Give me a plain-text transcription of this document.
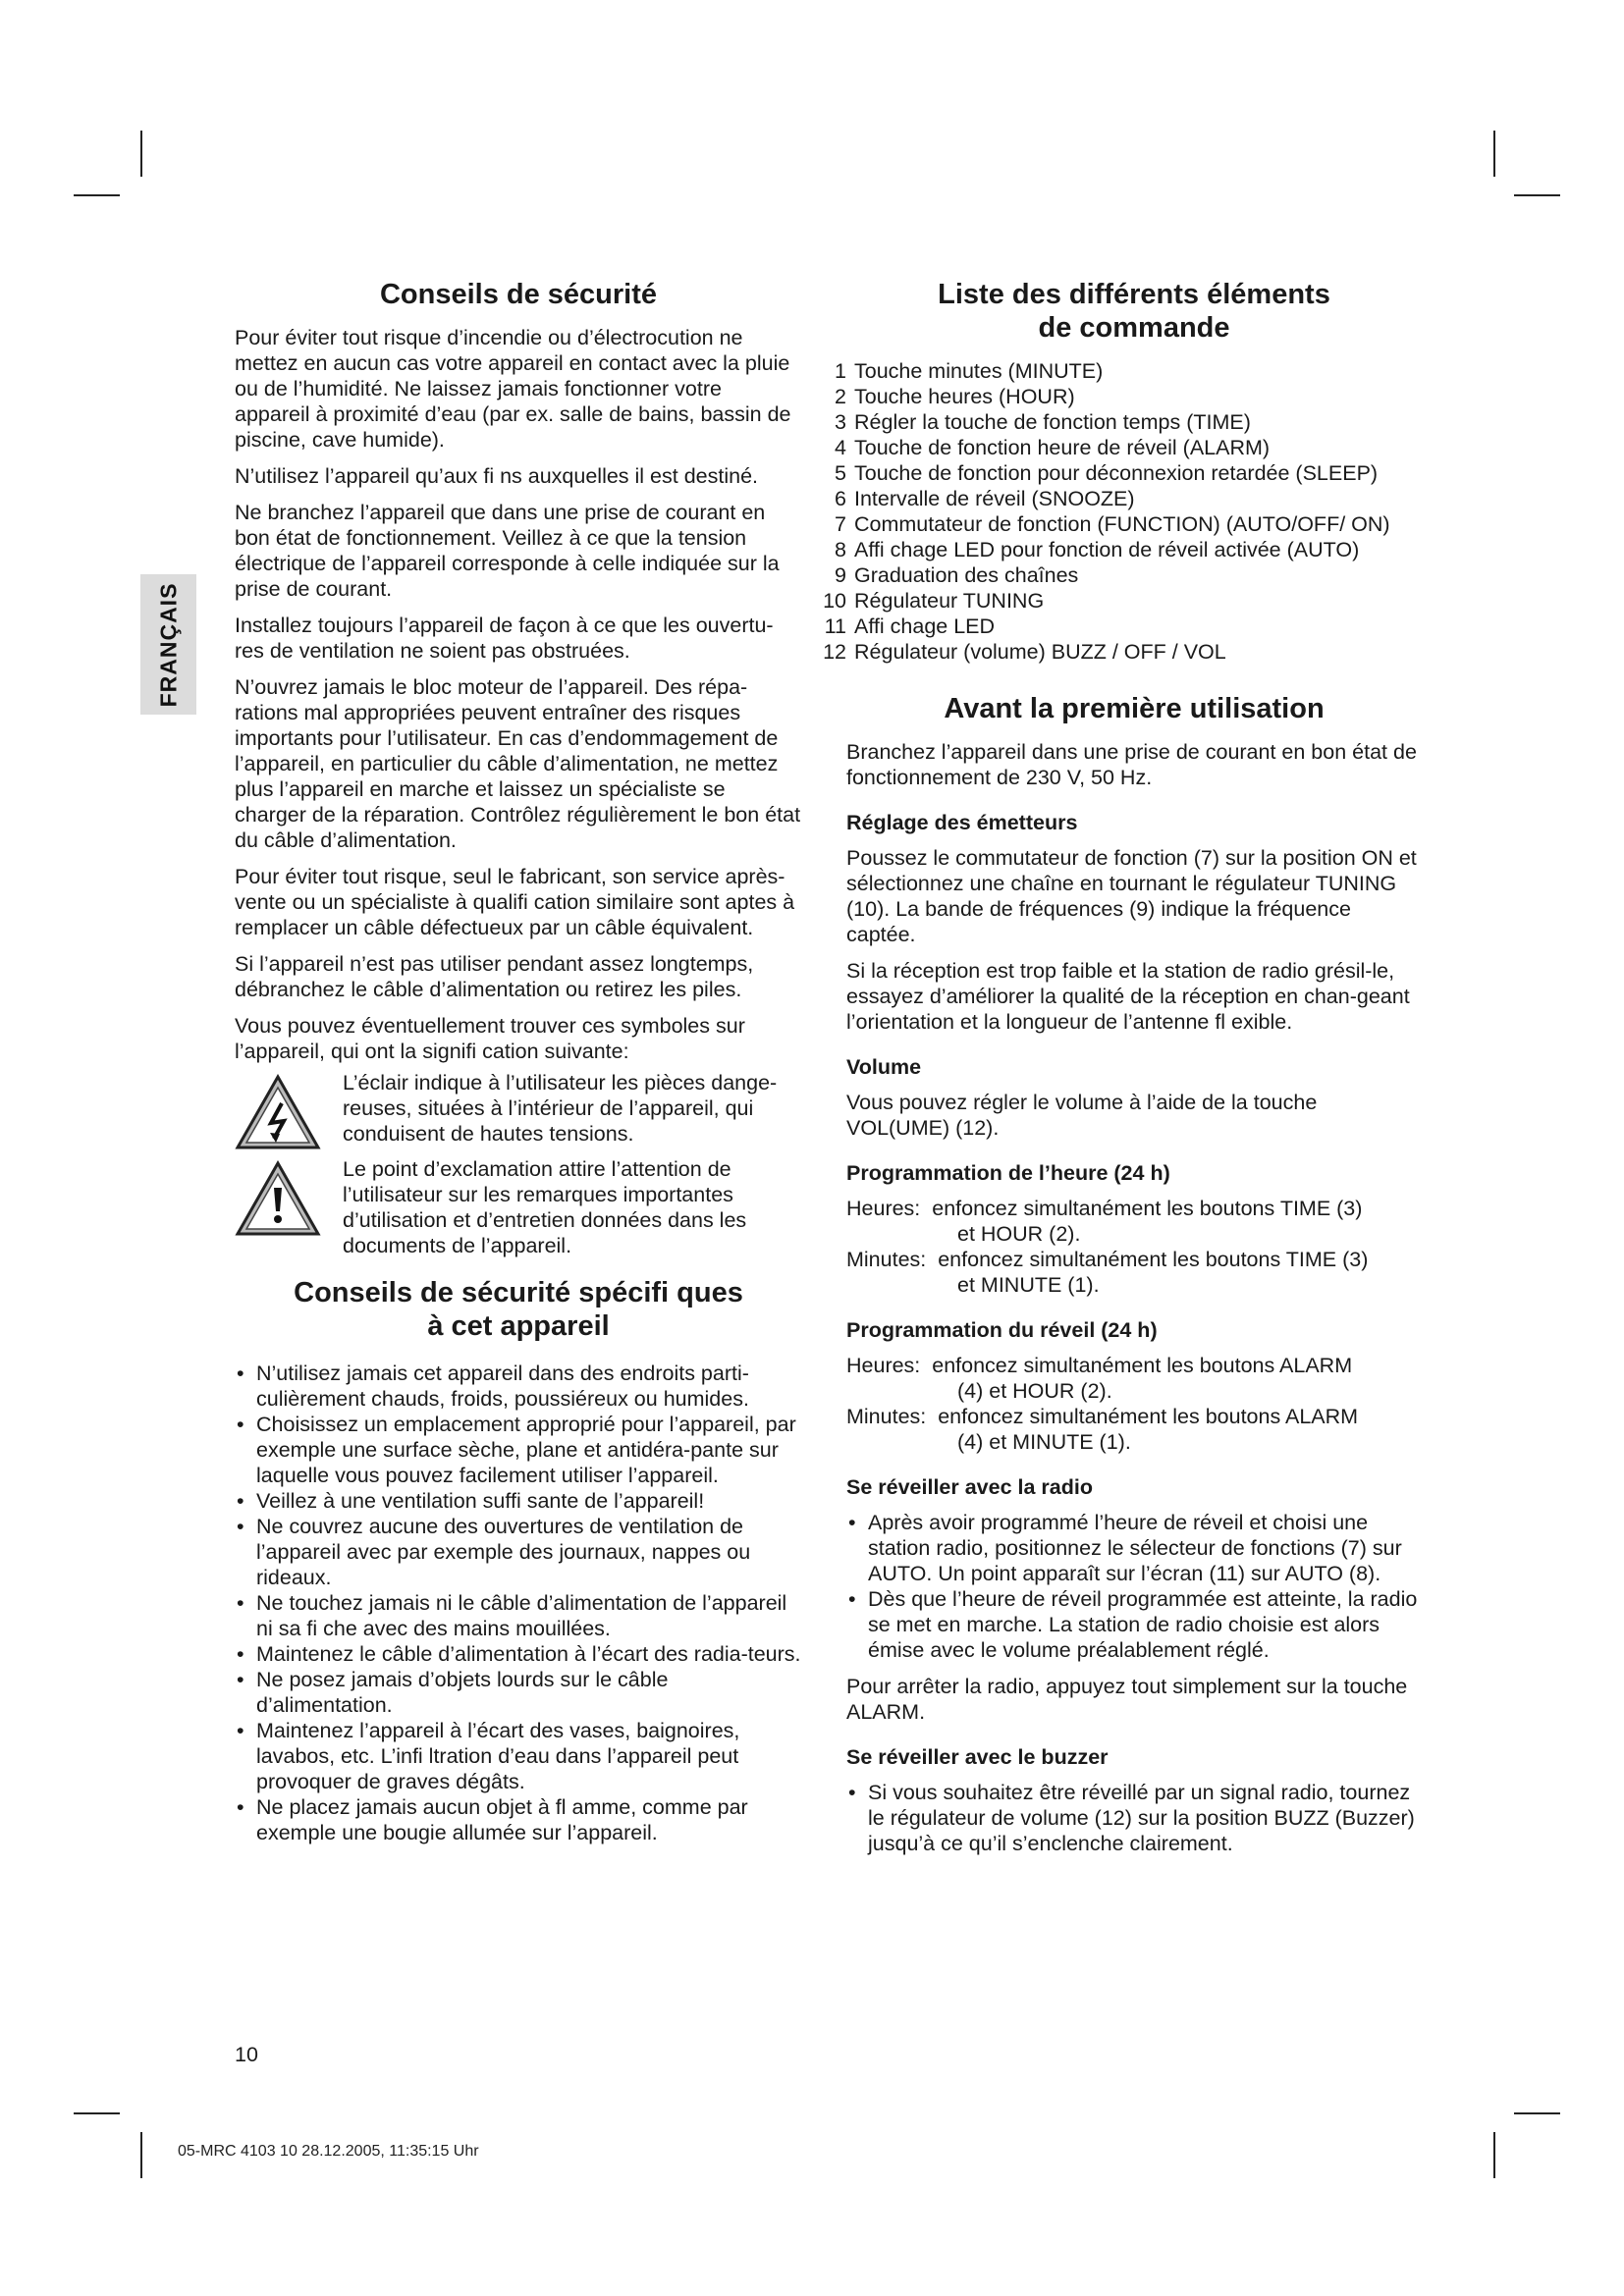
FRANÇAIS
Conseils de sécurité

Pour éviter tout risque d’incendie ou d’électrocution ne mettez en aucun cas votre appareil en contact avec la pluie ou de l’humidité. Ne laissez jamais fonctionner votre appareil à proximité d’eau (par ex. salle de bains, bassin de piscine, cave humide).

N’utilisez l’appareil qu’aux fi ns auxquelles il est destiné.

Ne branchez l’appareil que dans une prise de courant en bon état de fonctionnement. Veillez à ce que la tension électrique de l’appareil corresponde à celle indiquée sur la prise de courant.

Installez toujours l’appareil de façon à ce que les ouvertu-res de ventilation ne soient pas obstruées.

N’ouvrez jamais le bloc moteur de l’appareil. Des répa-rations mal appropriées peuvent entraîner des risques importants pour l’utilisateur. En cas d’endommagement de l’appareil, en particulier du câble d’alimentation, ne mettez plus l’appareil en marche et laissez un spécialiste se charger de la réparation. Contrôlez régulièrement le bon état du câble d’alimentation.

Pour éviter tout risque, seul le fabricant, son service après-vente ou un spécialiste à qualifi cation similaire sont aptes à remplacer un câble défectueux par un câble équivalent.

Si l’appareil n’est pas utiliser pendant assez longtemps, débranchez le câble d’alimentation ou retirez les piles.

Vous pouvez éventuellement trouver ces symboles sur l’appareil, qui ont la signifi cation suivante:

L’éclair indique à l’utilisateur les pièces dange-reuses, situées à l’intérieur de l’appareil, qui conduisent de hautes tensions.
Le point d’exclamation attire l’attention de l’utilisateur sur les remarques importantes d’utilisation et d’entretien données dans les documents de l’appareil.
Conseils de sécurité spécifi ques
à cet appareil
• N’utilisez jamais cet appareil dans des endroits parti-culièrement chauds, froids, poussiéreux ou humides.
• Choisissez un emplacement approprié pour l’appareil, par exemple une surface sèche, plane et antidéra-pante sur laquelle vous pouvez facilement utiliser l’appareil.
• Veillez à une ventilation suffi sante de l’appareil!
• Ne couvrez aucune des ouvertures de ventilation de l’appareil avec par exemple des journaux, nappes ou rideaux.
• Ne touchez jamais ni le câble d’alimentation de l’appareil ni sa fi che avec des mains mouillées.
• Maintenez le câble d’alimentation à l’écart des radia-teurs.
• Ne posez jamais d’objets lourds sur le câble d’alimentation.
• Maintenez l’appareil à l’écart des vases, baignoires, lavabos, etc. L’infi ltration d’eau dans l’appareil peut provoquer de graves dégâts.
• Ne placez jamais aucun objet à fl amme, comme par exemple une bougie allumée sur l’appareil.
Liste des différents éléments
de commande
1 Touche minutes (MINUTE)
2 Touche heures (HOUR)
3 Régler la touche de fonction temps (TIME)
4 Touche de fonction heure de réveil (ALARM)
5 Touche de fonction pour déconnexion retardée (SLEEP)
6 Intervalle de réveil (SNOOZE)
7 Commutateur de fonction (FUNCTION) (AUTO/OFF/ ON)
8 Affi chage LED pour fonction de réveil activée (AUTO)
9 Graduation des chaînes
10 Régulateur TUNING
11 Affi chage LED
12 Régulateur (volume) BUZZ / OFF / VOL
Avant la première utilisation

Branchez l’appareil dans une prise de courant en bon état de fonctionnement de 230 V, 50 Hz.

Réglage des émetteurs

Poussez le commutateur de fonction (7) sur la position ON et sélectionnez une chaîne en tournant le régulateur TUNING (10). La bande de fréquences (9) indique la fréquence captée.

Si la réception est trop faible et la station de radio grésil-le, essayez d’améliorer la qualité de la réception en chan-geant l’orientation et la longueur de l’antenne fl exible.

Volume

Vous pouvez régler le volume à l’aide de la touche VOL(UME) (12).

Programmation de l’heure (24 h)
Heures: enfoncez simultanément les boutons TIME (3)
et HOUR (2).
Minutes: enfoncez simultanément les boutons TIME (3)
et MINUTE (1).
Programmation du réveil (24 h)
Heures: enfoncez simultanément les boutons ALARM
(4) et HOUR (2).
Minutes: enfoncez simultanément les boutons ALARM
(4) et MINUTE (1).
Se réveiller avec la radio
• Après avoir programmé l’heure de réveil et choisi une station radio, positionnez le sélecteur de fonctions (7) sur AUTO. Un point apparaît sur l’écran (11) sur AUTO (8).
• Dès que l’heure de réveil programmée est atteinte, la radio se met en marche. La station de radio choisie est alors émise avec le volume préalablement réglé.

Pour arrêter la radio, appuyez tout simplement sur la touche ALARM.

Se réveiller avec le buzzer
• Si vous souhaitez être réveillé par un signal radio, tournez le régulateur de volume (12) sur la position BUZZ (Buzzer) jusqu’à ce qu’il s’enclenche clairement.
10
05-MRC 4103 10 28.12.2005, 11:35:15 Uhr
